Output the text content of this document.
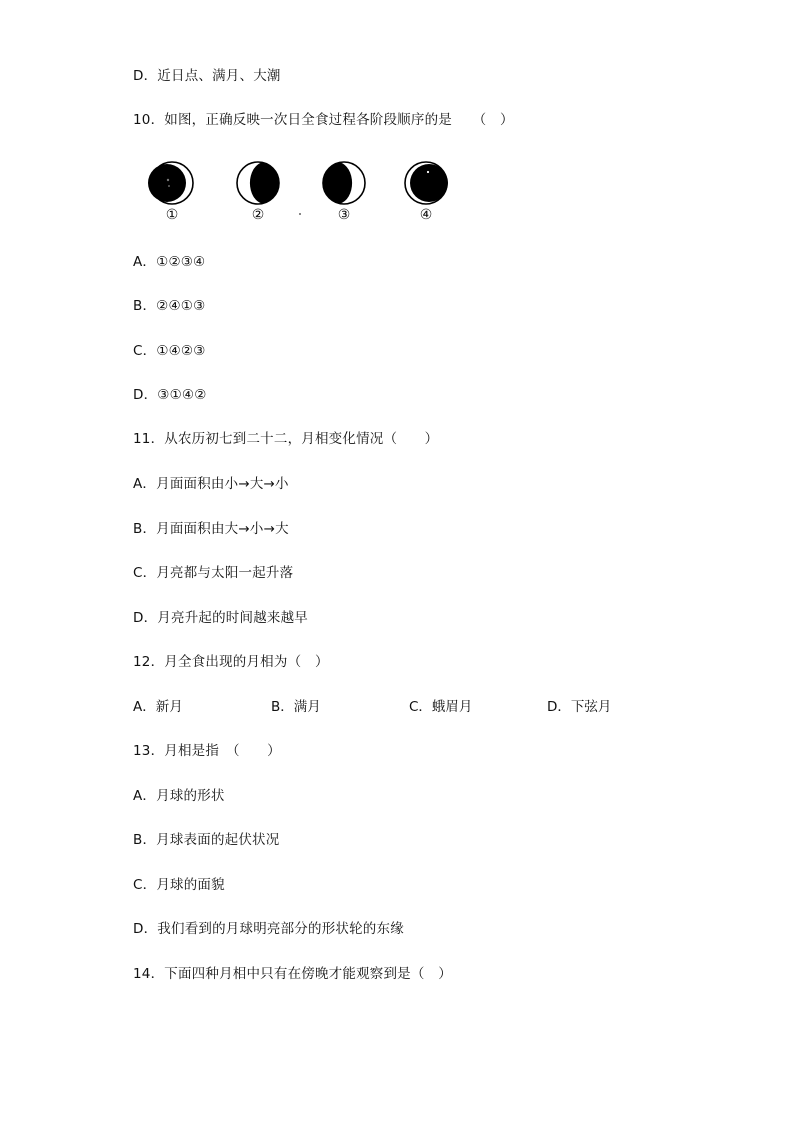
D．近日点、满月、大潮
10．如图，正确反映一次日全食过程各阶段顺序的是　　（　）
①	②	③	④
A．①②③④
B．②④①③
C．①④②③
D．③①④②
11．从农历初七到二十二，月相变化情况（　　）
A．月面面积由小→大→小
B．月面面积由大→小→大
C．月亮都与太阳一起升落
D．月亮升起的时间越来越早
12．月全食出现的月相为（　）
A．新月	B．满月	C．蛾眉月	D．下弦月
13．月相是指　（　　）
A．月球的形状
B．月球表面的起伏状况
C．月球的面貌
D．我们看到的月球明亮部分的形状轮的东缘
14．下面四种月相中只有在傍晚才能观察到是（　）
